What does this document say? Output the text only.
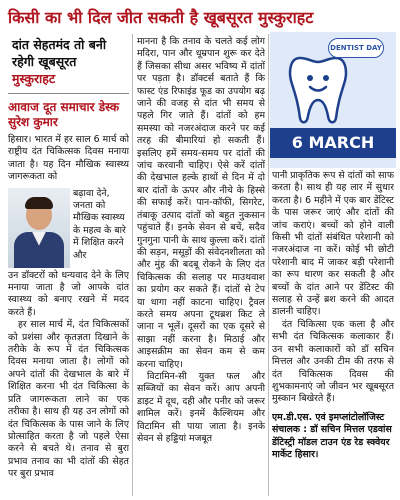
किसी का भी दिल जीत सकती है खूबसूरत मुस्कुराहट
दांत सेहतमंद तो बनी रहेगी खूबसूरत
मुस्कुराहट
आवाज दूत समाचार डेस्क
सुरेश कुमार

हिसार। भारत में हर साल 6 मार्च को राष्ट्रीय दंत चिकित्सक दिवस मनाया जाता है। यह दिन मौखिक स्वास्थ्य जागरूकता को

बढ़ावा देने, जनता को मौखिक स्वास्थ्य के महत्व के बारे में शिक्षित करने और

उन डॉक्टरों को धन्यवाद देने के लिए मनाया जाता है जो आपके दांत स्वास्थ्य को बनाए रखने में मदद करते हैं।

हर साल मार्च में, दंत चिकित्सकों को प्रशंसा और कृतज्ञता दिखाने के तरीके के रूप में दंत चिकित्सक दिवस मनाया जाता है। लोगों को अपने दांतों की देखभाल के बारे में शिक्षित करना भी दंत चिकित्सा के प्रति जागरूकता लाने का एक तरीका है। साथ ही यह उन लोगों को दंत चिकित्सक के पास जाने के लिए प्रोत्साहित करता है जो पहले ऐसा करने से बचते थे। तनाव से बुरा प्रभाव तनाव का भी दांतों की सेहत पर बुरा प्रभाव

मानना है कि तनाव के चलते कई लोग मदिरा, पान और धूम्रपान शुरू कर देते हैं जिसका सीधा असर भविष्य में दांतों पर पड़ता है। डॉक्टर्स बताते हैं कि फास्ट एंड रिफाइंड फूड का उपयोग बढ़ जाने की वजह से दांत भी समय से पहले गिर जाते हैं। दांतों को हम समस्या को नजरअंदाज करने पर कई तरह की बीमारियां हो सकती हैं। इसलिए हमें समय-समय पर दांतों की जांच करवानी चाहिए। ऐसे करें दांतों की देखभाल हल्के हाथों से दिन में दो बार दांतों के ऊपर और नीचे के हिस्से की सफाई करें। पान-कॉफी, सिगरेट, तंबाकू उत्पाद दांतों को बहुत नुकसान पहुंचाते हैं। इनके सेवन से बचें, सदैव गुनगुना पानी के साथ कुल्ला करें। दांतों की सड़न, मसूड़ों की संवेदनशीलता को और मुंह की बदबू रोकने के लिए दंत चिकित्सक की सलाह पर माउथवाश का प्रयोग कर सकते हैं। दांतों से टेप या धागा नहीं काटना चाहिए। ट्रैवल करते समय अपना टूथब्रश किट ले जाना न भूलें। दूसरों का एक दूसरे से साझा नहीं करना है। मिठाई और आइसक्रीम का सेवन कम से कम करना चाहिए।

विटामिन-सी युक्त फल और सब्जियों का सेवन करें। आप अपनी डाइट में दूध, दही और पनीर को जरूर शामिल करें। इनमें कैल्शियम और विटामिन सी पाया जाता है। इनके सेवन से हड्डियां मजबूत

DENTIST DAY
6 MARCH

पानी प्राकृतिक रूप से दांतों को साफ करता है। साथ ही यह लार में सुधार करता है। 6 महीने में एक बार डेंटिस्ट के पास जरूर जाएं और दांतों की जांच कराएं। बच्चों को होने वाली किसी भी दांतों संबंधित परेशानी को नजरअंदाज ना करें। कोई भी छोटी परेशानी बाद में जाकर बड़ी परेशानी का रूप धारण कर सकती है और बच्चों के दांत आने पर डेंटिस्ट की सलाह से उन्हें ब्रश करने की आदत डालनी चाहिए।

दंत चिकित्सा एक कला है और सभी दंत चिकित्सक कलाकार हैं। उन सभी कलाकारों को डॉ सचिन मित्तल और उनकी टीम की तरफ से दंत चिकित्सक दिवस की शुभकामनाएं जो जीवन भर खूबसूरत मुस्कान बिखेरते हैं।

एम.डी.एस. एवं इमप्लांटोलॉजिस्ट संचालक : डॉ सचिन मित्तल एडवांस डेंटिस्ट्री मॉडल टाउन एंड रेड स्क्वेयर मार्केट हिसार।
